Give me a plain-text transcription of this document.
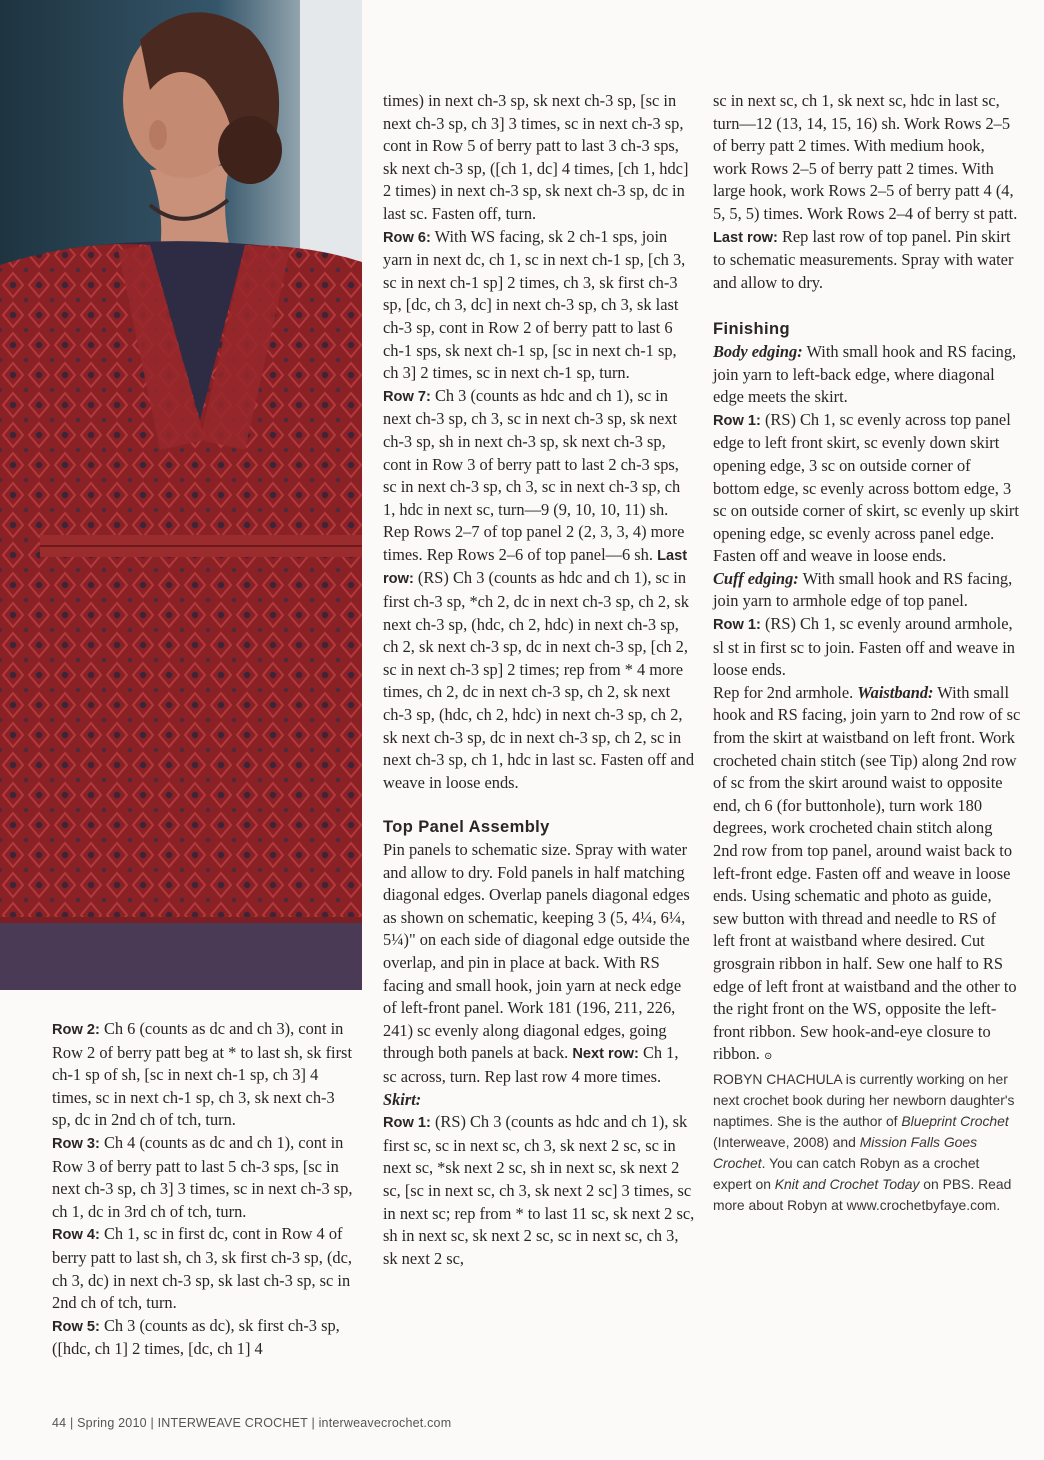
Row 2: Ch 6 (counts as dc and ch 3), cont in Row 2 of berry patt beg at * to last sh, sk first ch-1 sp of sh, [sc in next ch-1 sp, ch 3] 4 times, sc in next ch-1 sp, ch 3, sk next ch-3 sp, dc in 2nd ch of tch, turn.

Row 3: Ch 4 (counts as dc and ch 1), cont in Row 3 of berry patt to last 5 ch-3 sps, [sc in next ch-3 sp, ch 3] 3 times, sc in next ch-3 sp, ch 1, dc in 3rd ch of tch, turn.

Row 4: Ch 1, sc in first dc, cont in Row 4 of berry patt to last sh, ch 3, sk first ch-3 sp, (dc, ch 3, dc) in next ch-3 sp, sk last ch-3 sp, sc in 2nd ch of tch, turn.

Row 5: Ch 3 (counts as dc), sk first ch-3 sp, ([hdc, ch 1] 2 times, [dc, ch 1] 4

times) in next ch-3 sp, sk next ch-3 sp, [sc in next ch-3 sp, ch 3] 3 times, sc in next ch-3 sp, cont in Row 5 of berry patt to last 3 ch-3 sps, sk next ch-3 sp, ([ch 1, dc] 4 times, [ch 1, hdc] 2 times) in next ch-3 sp, sk next ch-3 sp, dc in last sc. Fasten off, turn.

Row 6: With WS facing, sk 2 ch-1 sps, join yarn in next dc, ch 1, sc in next ch-1 sp, [ch 3, sc in next ch-1 sp] 2 times, ch 3, sk first ch-3 sp, [dc, ch 3, dc] in next ch-3 sp, ch 3, sk last ch-3 sp, cont in Row 2 of berry patt to last 6 ch-1 sps, sk next ch-1 sp, [sc in next ch-1 sp, ch 3] 2 times, sc in next ch-1 sp, turn.

Row 7: Ch 3 (counts as hdc and ch 1), sc in next ch-3 sp, ch 3, sc in next ch-3 sp, sk next ch-3 sp, sh in next ch-3 sp, sk next ch-3 sp, cont in Row 3 of berry patt to last 2 ch-3 sps, sc in next ch-3 sp, ch 3, sc in next ch-3 sp, ch 1, hdc in next sc, turn—9 (9, 10, 10, 11) sh.

Rep Rows 2–7 of top panel 2 (2, 3, 3, 4) more times. Rep Rows 2–6 of top panel—6 sh. Last row: (RS) Ch 3 (counts as hdc and ch 1), sc in first ch-3 sp, *ch 2, dc in next ch-3 sp, ch 2, sk next ch-3 sp, (hdc, ch 2, hdc) in next ch-3 sp, ch 2, sk next ch-3 sp, dc in next ch-3 sp, [ch 2, sc in next ch-3 sp] 2 times; rep from * 4 more times, ch 2, dc in next ch-3 sp, ch 2, sk next ch-3 sp, (hdc, ch 2, hdc) in next ch-3 sp, ch 2, sk next ch-3 sp, dc in next ch-3 sp, ch 2, sc in next ch-3 sp, ch 1, hdc in last sc. Fasten off and weave in loose ends.

Top Panel Assembly

Pin panels to schematic size. Spray with water and allow to dry. Fold panels in half matching diagonal edges. Overlap panels diagonal edges as shown on schematic, keeping 3 (5, 4¼, 6¼, 5¼)" on each side of diagonal edge outside the overlap, and pin in place at back. With RS facing and small hook, join yarn at neck edge of left-front panel. Work 181 (196, 211, 226, 241) sc evenly along diagonal edges, going through both panels at back. Next row: Ch 1, sc across, turn. Rep last row 4 more times. Skirt:

Row 1: (RS) Ch 3 (counts as hdc and ch 1), sk first sc, sc in next sc, ch 3, sk next 2 sc, sc in next sc, *sk next 2 sc, sh in next sc, sk next 2 sc, [sc in next sc, ch 3, sk next 2 sc] 3 times, sc in next sc; rep from * to last 11 sc, sk next 2 sc, sh in next sc, sk next 2 sc, sc in next sc, ch 3, sk next 2 sc,

sc in next sc, ch 1, sk next sc, hdc in last sc, turn—12 (13, 14, 15, 16) sh. Work Rows 2–5 of berry patt 2 times. With medium hook, work Rows 2–5 of berry patt 2 times. With large hook, work Rows 2–5 of berry patt 4 (4, 5, 5, 5) times. Work Rows 2–4 of berry st patt.

Last row: Rep last row of top panel. Pin skirt to schematic measurements. Spray with water and allow to dry.

Finishing

Body edging: With small hook and RS facing, join yarn to left-back edge, where diagonal edge meets the skirt.

Row 1: (RS) Ch 1, sc evenly across top panel edge to left front skirt, sc evenly down skirt opening edge, 3 sc on outside corner of bottom edge, sc evenly across bottom edge, 3 sc on outside corner of skirt, sc evenly up skirt opening edge, sc evenly across panel edge. Fasten off and weave in loose ends.

Cuff edging: With small hook and RS facing, join yarn to armhole edge of top panel.

Row 1: (RS) Ch 1, sc evenly around armhole, sl st in first sc to join. Fasten off and weave in loose ends.

Rep for 2nd armhole. Waistband: With small hook and RS facing, join yarn to 2nd row of sc from the skirt at waistband on left front. Work crocheted chain stitch (see Tip) along 2nd row of sc from the skirt around waist to opposite end, ch 6 (for buttonhole), turn work 180 degrees, work crocheted chain stitch along 2nd row from top panel, around waist back to left-front edge. Fasten off and weave in loose ends. Using schematic and photo as guide, sew button with thread and needle to RS of left front at waistband where desired. Cut grosgrain ribbon in half. Sew one half to RS edge of left front at waistband and the other to the right front on the WS, opposite the left-front ribbon. Sew hook-and-eye closure to ribbon. ⊙

ROBYN CHACHULA is currently working on her next crochet book during her newborn daughter's naptimes. She is the author of Blueprint Crochet (Interweave, 2008) and Mission Falls Goes Crochet. You can catch Robyn as a crochet expert on Knit and Crochet Today on PBS. Read more about Robyn at www.crochetbyfaye.com.

44 | Spring 2010 | INTERWEAVE CROCHET | interweavecrochet.com
